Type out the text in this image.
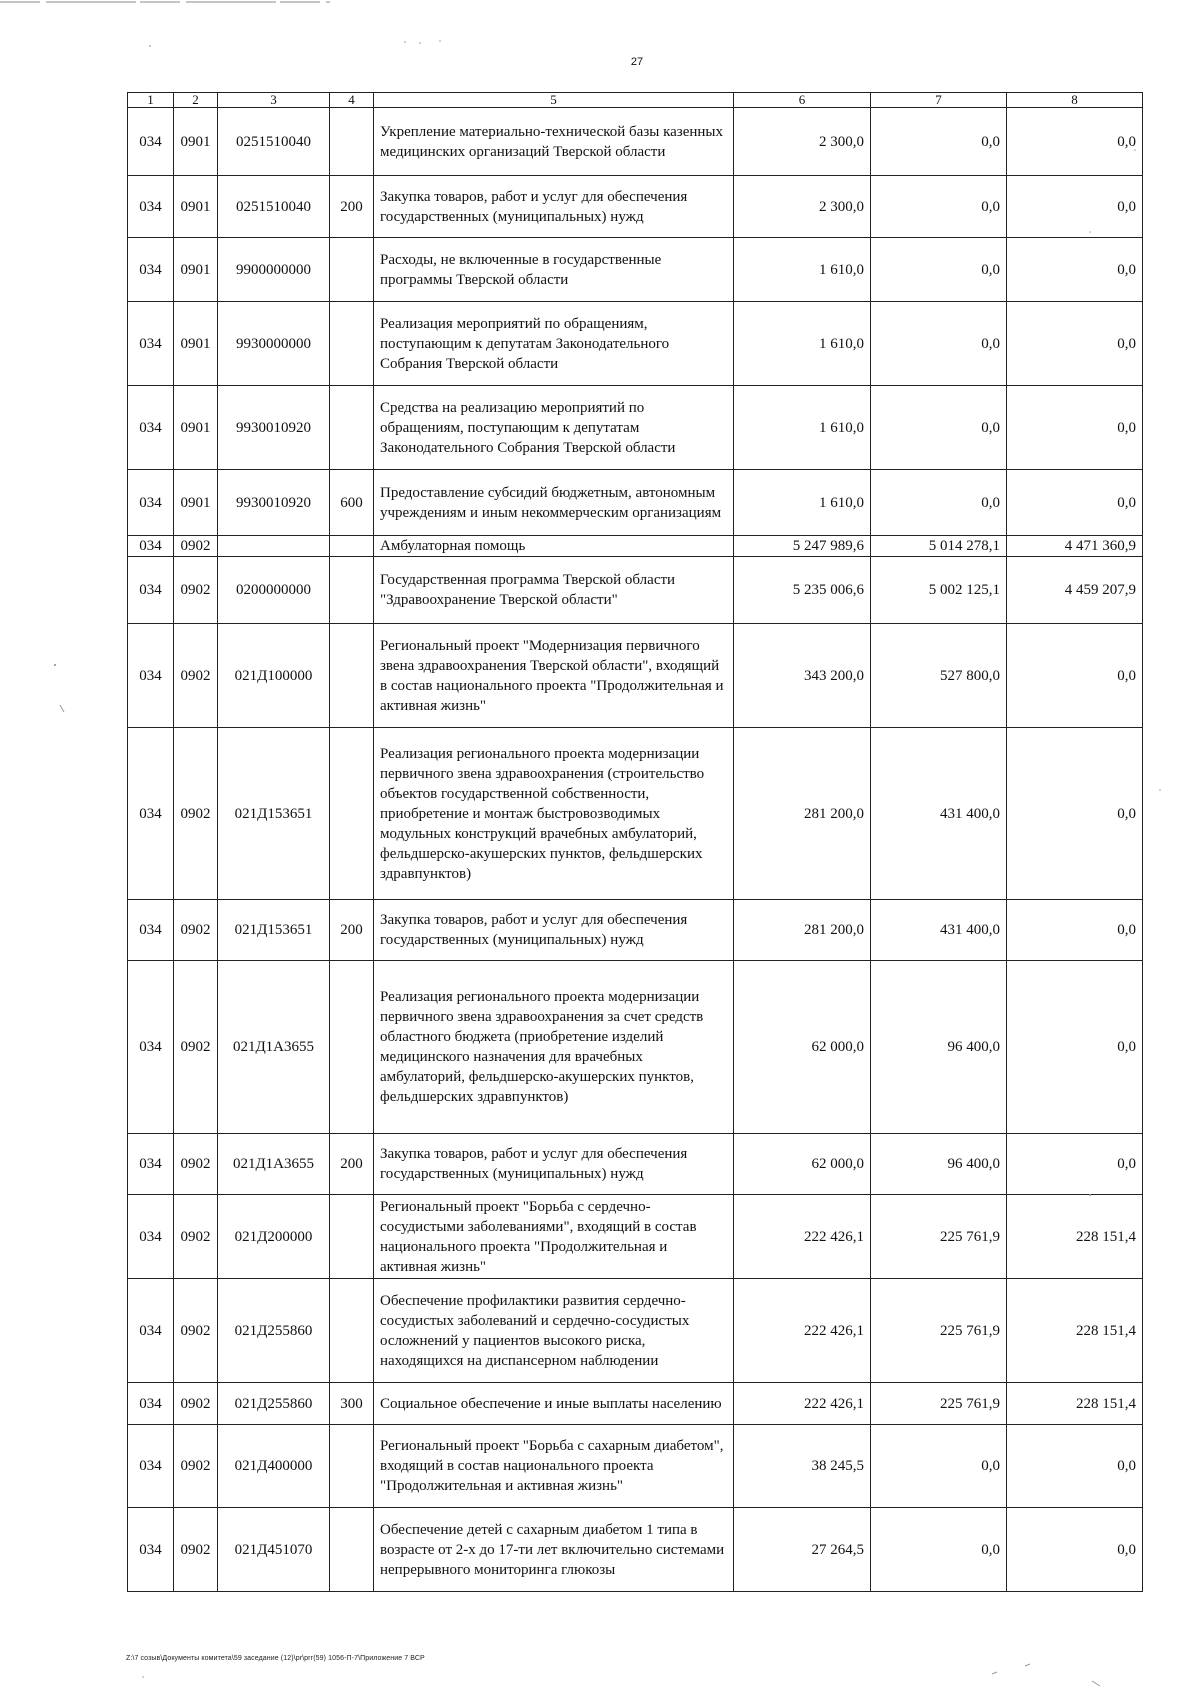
27
1	2	3	4	5	6	7	8
034	0901	0251510040		Укрепление материально-технической базы казенных медицинских организаций Тверской области	2 300,0	0,0	0,0
034	0901	0251510040	200	Закупка товаров, работ и услуг для обеспечения государственных (муниципальных) нужд	2 300,0	0,0	0,0
034	0901	9900000000		Расходы, не включенные в государственные программы Тверской области	1 610,0	0,0	0,0
034	0901	9930000000		Реализация мероприятий по обращениям, поступающим к депутатам Законодательного Собрания Тверской области	1 610,0	0,0	0,0
034	0901	9930010920		Средства на реализацию мероприятий по обращениям, поступающим к депутатам Законодательного Собрания Тверской области	1 610,0	0,0	0,0
034	0901	9930010920	600	Предоставление субсидий бюджетным, автономным учреждениям и иным некоммерческим организациям	1 610,0	0,0	0,0
034	0902			Амбулаторная помощь	5 247 989,6	5 014 278,1	4 471 360,9
034	0902	0200000000		Государственная программа Тверской области "Здравоохранение Тверской области"	5 235 006,6	5 002 125,1	4 459 207,9
034	0902	021Д100000		Региональный проект "Модернизация первичного звена здравоохранения Тверской области", входящий в состав национального проекта "Продолжительная и активная жизнь"	343 200,0	527 800,0	0,0
034	0902	021Д153651		Реализация регионального проекта модернизации первичного звена здравоохранения (строительство объектов государственной собственности, приобретение и монтаж быстровозводимых модульных конструкций врачебных амбулаторий, фельдшерско-акушерских пунктов, фельдшерских здравпунктов)	281 200,0	431 400,0	0,0
034	0902	021Д153651	200	Закупка товаров, работ и услуг для обеспечения государственных (муниципальных) нужд	281 200,0	431 400,0	0,0
034	0902	021Д1А3655		Реализация регионального проекта модернизации первичного звена здравоохранения за счет средств областного бюджета (приобретение изделий медицинского назначения для врачебных амбулаторий, фельдшерско-акушерских пунктов, фельдшерских здравпунктов)	62 000,0	96 400,0	0,0
034	0902	021Д1А3655	200	Закупка товаров, работ и услуг для обеспечения государственных (муниципальных) нужд	62 000,0	96 400,0	0,0
034	0902	021Д200000		Региональный проект "Борьба с сердечно-сосудистыми заболеваниями", входящий в состав национального проекта "Продолжительная и активная жизнь"	222 426,1	225 761,9	228 151,4
034	0902	021Д255860		Обеспечение профилактики развития сердечно-сосудистых заболеваний и сердечно-сосудистых осложнений у пациентов высокого риска, находящихся на диспансерном наблюдении	222 426,1	225 761,9	228 151,4
034	0902	021Д255860	300	Социальное обеспечение и иные выплаты населению	222 426,1	225 761,9	228 151,4
034	0902	021Д400000		Региональный проект "Борьба с сахарным диабетом", входящий в состав национального проекта "Продолжительная и активная жизнь"	38 245,5	0,0	0,0
034	0902	021Д451070		Обеспечение детей с сахарным диабетом 1 типа в возрасте от 2-х до 17-ти лет включительно системами непрерывного мониторинга глюкозы	27 264,5	0,0	0,0
Z:\7 созыв\Документы комитета\59 заседание (12)\pr\prг(59) 1056-П-7\Приложение 7 ВСР
